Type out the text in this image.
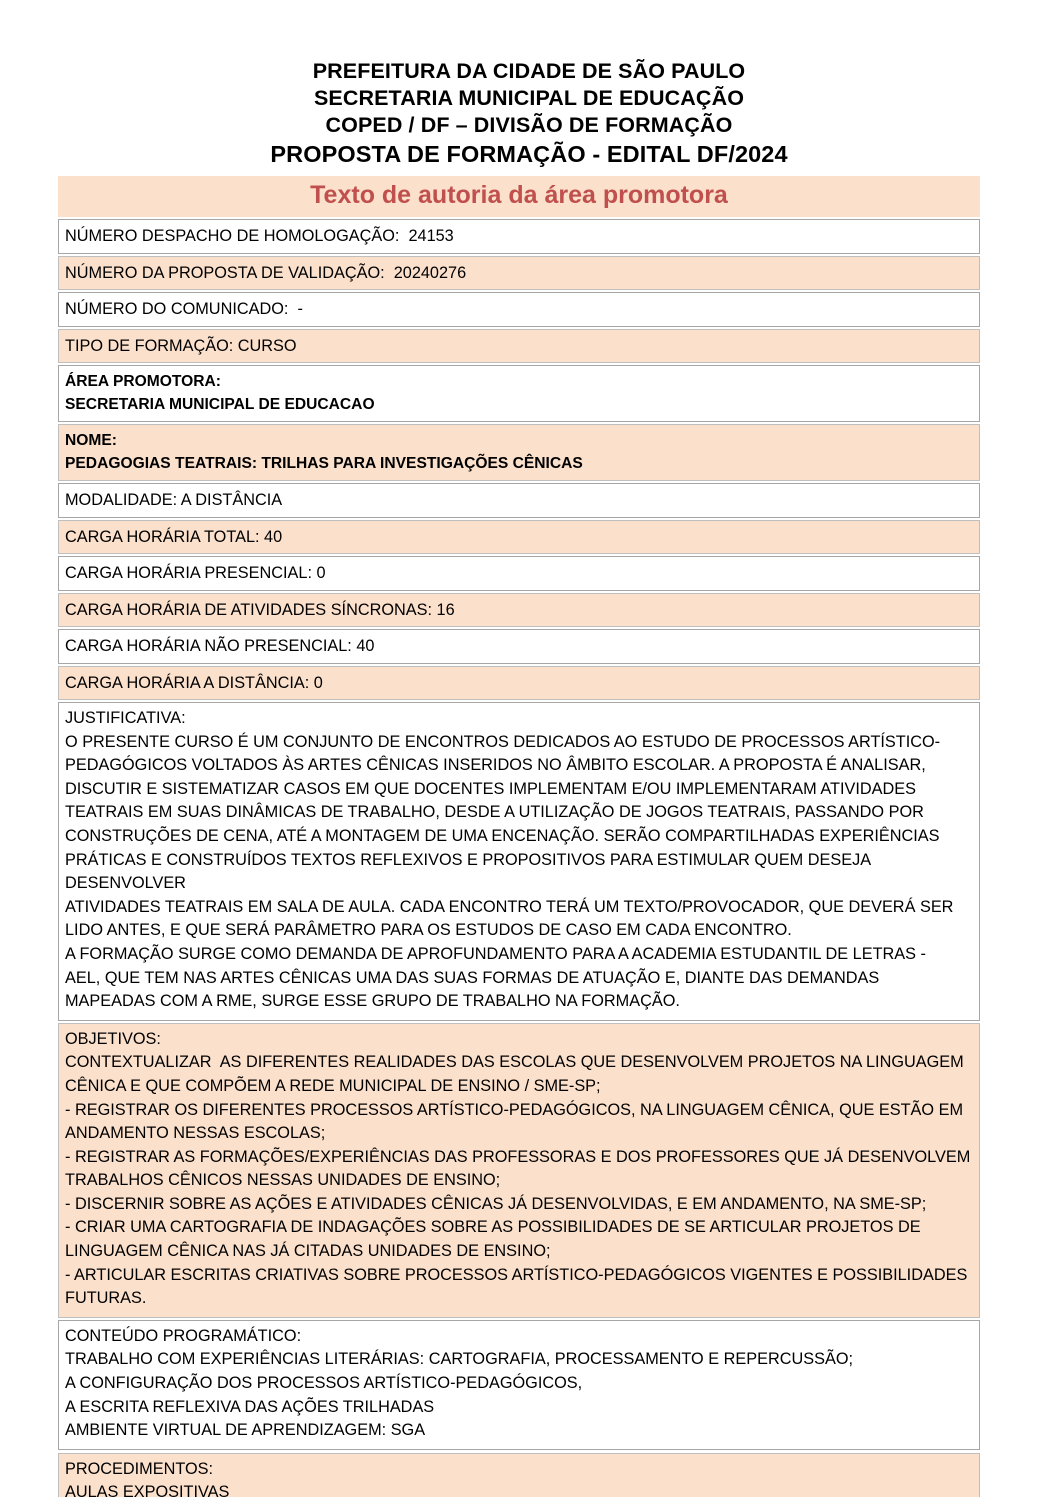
PREFEITURA DA CIDADE DE SÃO PAULO
SECRETARIA MUNICIPAL DE EDUCAÇÃO
COPED / DF – DIVISÃO DE FORMAÇÃO
PROPOSTA DE FORMAÇÃO - EDITAL DF/2024
Texto de autoria da área promotora
NÚMERO DESPACHO DE HOMOLOGAÇÃO:  24153
NÚMERO DA PROPOSTA DE VALIDAÇÃO:  20240276
NÚMERO DO COMUNICADO:  -
TIPO DE FORMAÇÃO: CURSO
ÁREA PROMOTORA:
SECRETARIA MUNICIPAL DE EDUCACAO
NOME:
PEDAGOGIAS TEATRAIS: TRILHAS PARA INVESTIGAÇÕES CÊNICAS
MODALIDADE: A DISTÂNCIA
CARGA HORÁRIA TOTAL: 40
CARGA HORÁRIA PRESENCIAL: 0
CARGA HORÁRIA DE ATIVIDADES SÍNCRONAS: 16
CARGA HORÁRIA NÃO PRESENCIAL: 40
CARGA HORÁRIA A DISTÂNCIA: 0
JUSTIFICATIVA:
O PRESENTE CURSO É UM CONJUNTO DE ENCONTROS DEDICADOS AO ESTUDO DE PROCESSOS ARTÍSTICO-
PEDAGÓGICOS VOLTADOS ÀS ARTES CÊNICAS INSERIDOS NO ÂMBITO ESCOLAR. A PROPOSTA É ANALISAR,
DISCUTIR E SISTEMATIZAR CASOS EM QUE DOCENTES IMPLEMENTAM E/OU IMPLEMENTARAM ATIVIDADES
TEATRAIS EM SUAS DINÂMICAS DE TRABALHO, DESDE A UTILIZAÇÃO DE JOGOS TEATRAIS, PASSANDO POR
CONSTRUÇÕES DE CENA, ATÉ A MONTAGEM DE UMA ENCENAÇÃO. SERÃO COMPARTILHADAS EXPERIÊNCIAS
PRÁTICAS E CONSTRUÍDOS TEXTOS REFLEXIVOS E PROPOSITIVOS PARA ESTIMULAR QUEM DESEJA DESENVOLVER
ATIVIDADES TEATRAIS EM SALA DE AULA. CADA ENCONTRO TERÁ UM TEXTO/PROVOCADOR, QUE DEVERÁ SER
LIDO ANTES, E QUE SERÁ PARÂMETRO PARA OS ESTUDOS DE CASO EM CADA ENCONTRO.
A FORMAÇÃO SURGE COMO DEMANDA DE APROFUNDAMENTO PARA A ACADEMIA ESTUDANTIL DE LETRAS -
AEL, QUE TEM NAS ARTES CÊNICAS UMA DAS SUAS FORMAS DE ATUAÇÃO E, DIANTE DAS DEMANDAS
MAPEADAS COM A RME, SURGE ESSE GRUPO DE TRABALHO NA FORMAÇÃO.
OBJETIVOS:
CONTEXTUALIZAR  AS DIFERENTES REALIDADES DAS ESCOLAS QUE DESENVOLVEM PROJETOS NA LINGUAGEM
CÊNICA E QUE COMPÕEM A REDE MUNICIPAL DE ENSINO / SME-SP;
- REGISTRAR OS DIFERENTES PROCESSOS ARTÍSTICO-PEDAGÓGICOS, NA LINGUAGEM CÊNICA, QUE ESTÃO EM
ANDAMENTO NESSAS ESCOLAS;
- REGISTRAR AS FORMAÇÕES/EXPERIÊNCIAS DAS PROFESSORAS E DOS PROFESSORES QUE JÁ DESENVOLVEM
TRABALHOS CÊNICOS NESSAS UNIDADES DE ENSINO;
- DISCERNIR SOBRE AS AÇÕES E ATIVIDADES CÊNICAS JÁ DESENVOLVIDAS, E EM ANDAMENTO, NA SME-SP;
- CRIAR UMA CARTOGRAFIA DE INDAGAÇÕES SOBRE AS POSSIBILIDADES DE SE ARTICULAR PROJETOS DE
LINGUAGEM CÊNICA NAS JÁ CITADAS UNIDADES DE ENSINO;
- ARTICULAR ESCRITAS CRIATIVAS SOBRE PROCESSOS ARTÍSTICO-PEDAGÓGICOS VIGENTES E POSSIBILIDADES
FUTURAS.
CONTEÚDO PROGRAMÁTICO:
TRABALHO COM EXPERIÊNCIAS LITERÁRIAS: CARTOGRAFIA, PROCESSAMENTO E REPERCUSSÃO;
A CONFIGURAÇÃO DOS PROCESSOS ARTÍSTICO-PEDAGÓGICOS,
A ESCRITA REFLEXIVA DAS AÇÕES TRILHADAS
AMBIENTE VIRTUAL DE APRENDIZAGEM: SGA
PROCEDIMENTOS:
AULAS EXPOSITIVAS
